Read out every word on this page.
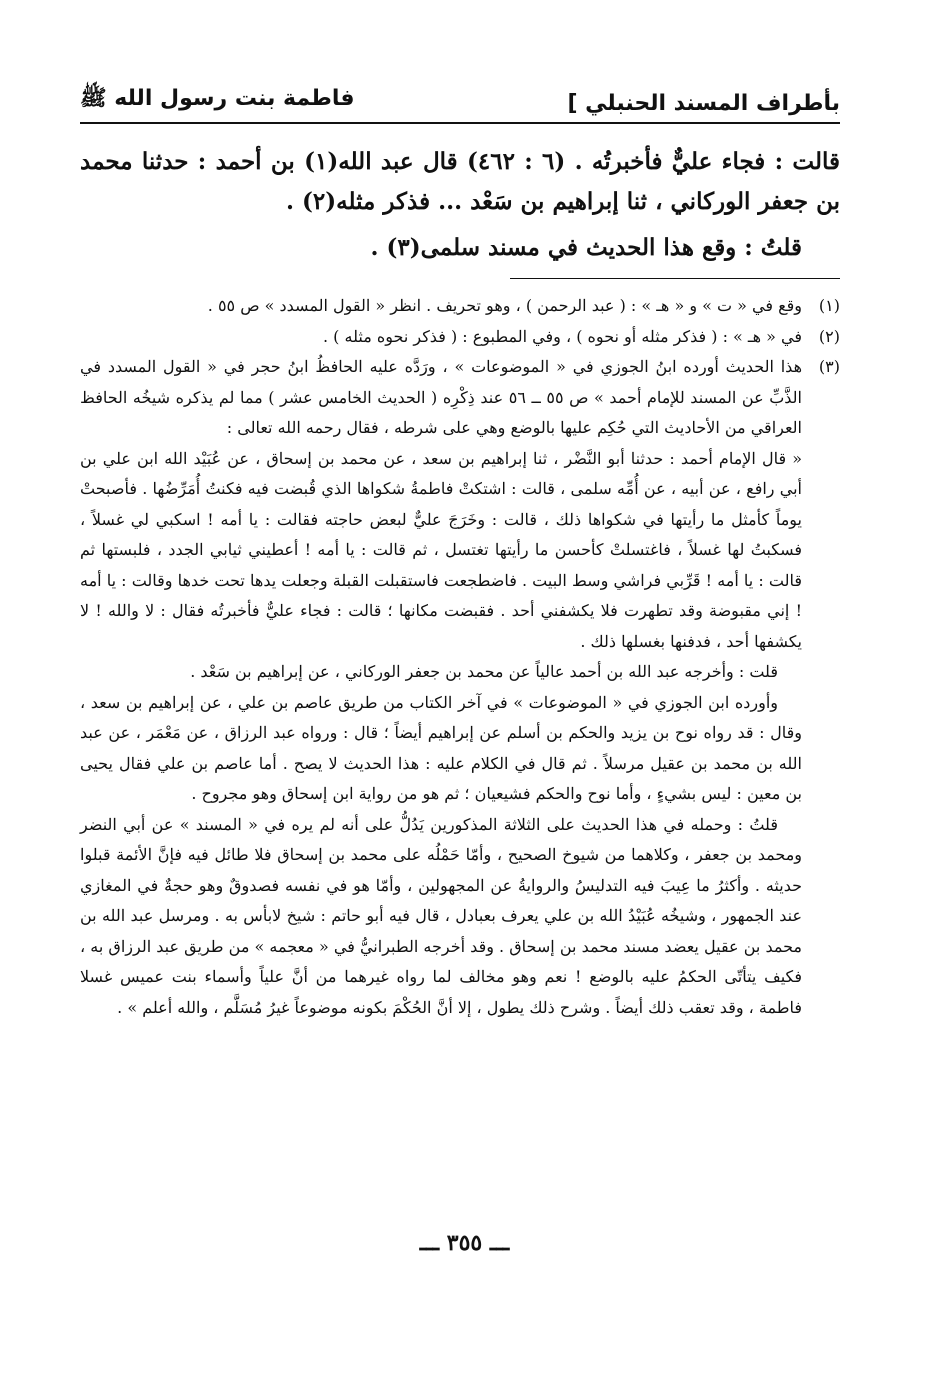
بأطراف المسند الحنبلي ]
فاطمة بنت رسول الله ﷺ

قالت : فجاء عليٌّ فأخبرتُه . (٦ : ٤٦٢) قال عبد الله(١) بن أحمد : حدثنا محمد بن جعفر الوركاني ، ثنا إبراهيم بن سَعْد ... فذكر مثله(٢) .

قلتُ : وقع هذا الحديث في مسند سلمى(٣) .

(١)

وقع في « ت » و « هـ » : ( عبد الرحمن ) ، وهو تحريف . انظر « القول المسدد » ص ٥٥ .

(٢)

في « هـ » : ( فذكر مثله أو نحوه ) ، وفي المطبوع : ( فذكر نحوه مثله ) .

(٣)

هذا الحديث أورده ابنُ الجوزي في « الموضوعات » ، ورَدَّه عليه الحافظُ ابنُ حجر في « القول المسدد في الذَّبِّ عن المسند للإمام أحمد » ص ٥٥ ــ ٥٦ عند ذِكْرِه ( الحديث الخامس عشر ) مما لم يذكره شيخُه الحافظ العراقي من الأحاديث التي حُكِم عليها بالوضع وهي على شرطه ، فقال رحمه الله تعالى :

« قال الإمام أحمد : حدثنا أبو النَّضْر ، ثنا إبراهيم بن سعد ، عن محمد بن إسحاق ، عن عُبَيْد الله ابن علي بن أبي رافع ، عن أبيه ، عن أُمِّه سلمى ، قالت : اشتكتْ فاطمةُ شكواها الذي قُبضت فيه فكنتُ أُمَرِّضُها . فأصبحتْ يوماً كأمثل ما رأيتها في شكواها ذلك ، قالت : وخَرَجَ عليٌّ لبعض حاجته فقالت : يا أمه ! اسكبي لي غسلاً ، فسكبتُ لها غسلاً ، فاغتسلتْ كأحسن ما رأيتها تغتسل ، ثم قالت : يا أمه ! أعطيني ثيابي الجدد ، فلبستها ثم قالت : يا أمه ! قَرِّبي فراشي وسط البيت . فاضطجعت فاستقبلت القبلة وجعلت يدها تحت خدها وقالت : يا أمه ! إني مقبوضة وقد تطهرت فلا يكشفني أحد . فقبضت مكانها ؛ قالت : فجاء عليٌّ فأخبرتُه فقال : لا والله ! لا يكشفها أحد ، فدفنها بغسلها ذلك .

قلت : وأخرجه عبد الله بن أحمد عالياً عن محمد بن جعفر الوركاني ، عن إبراهيم بن سَعْد .

وأورده ابن الجوزي في « الموضوعات » في آخر الكتاب من طريق عاصم بن علي ، عن إبراهيم بن سعد ، وقال : قد رواه نوح بن يزيد والحكم بن أسلم عن إبراهيم أيضاً ؛ قال : ورواه عبد الرزاق ، عن مَعْمَر ، عن عبد الله بن محمد بن عقيل مرسلاً . ثم قال في الكلام عليه : هذا الحديث لا يصح . أما عاصم بن علي فقال يحيى بن معين : ليس بشيءٍ ، وأما نوح والحكم فشيعيان ؛ ثم هو من رواية ابن إسحاق وهو مجروح .

قلتُ : وحمله في هذا الحديث على الثلاثة المذكورين يَدُلُّ على أنه لم يره في « المسند » عن أبي النضر ومحمد بن جعفر ، وكلاهما من شيوخ الصحيح ، وأمّا حَمْلُه على محمد بن إسحاق فلا طائل فيه فإنَّ الأئمة قبلوا حديثه . وأكثرُ ما عِيبَ فيه التدليسُ والروايةُ عن المجهولين ، وأمّا هو في نفسه فصدوقٌ وهو حجةٌ في المغازي عند الجمهور ، وشيخُه عُبَيْدُ الله بن علي يعرف بعبادل ، قال فيه أبو حاتم : شيخ لابأس به . ومرسل عبد الله بن محمد بن عقيل يعضد مسند محمد بن إسحاق . وقد أخرجه الطبرانيُّ في « معجمه » من طريق عبد الرزاق به ، فكيف يتأتّى الحكمُ عليه بالوضع ! نعم وهو مخالف لما رواه غيرهما من أنَّ علياً وأسماء بنت عميس غسلا فاطمة ، وقد تعقب ذلك أيضاً . وشرح ذلك يطول ، إلا أنَّ الحُكْمَ بكونه موضوعاً غيرُ مُسَلَّم ، والله أعلم » .

ـــ ٣٥٥ ـــ
